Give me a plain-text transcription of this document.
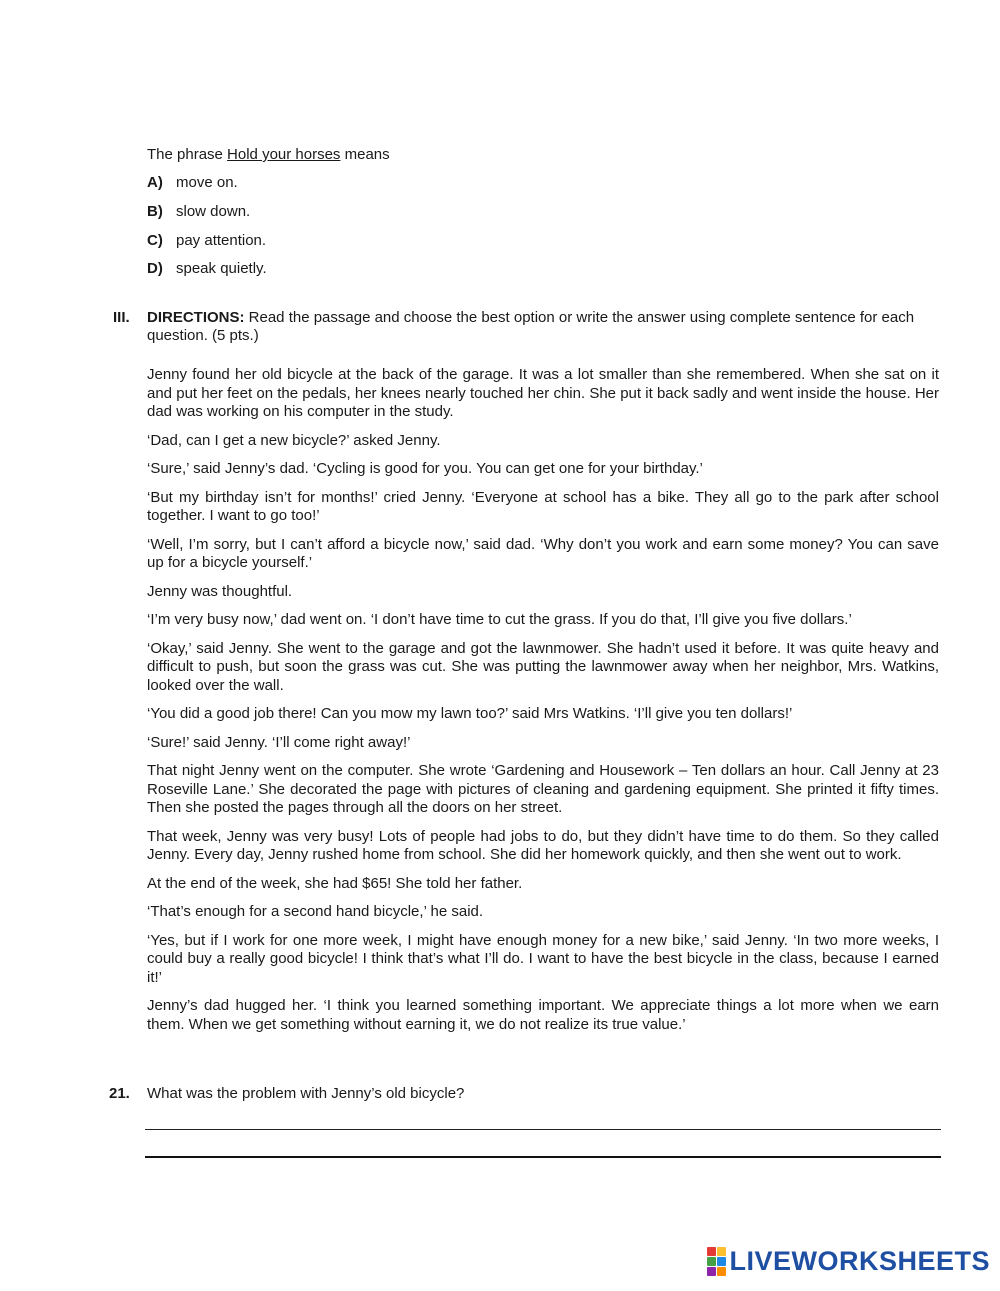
The phrase Hold your horses means
A) move on.
B) slow down.
C) pay attention.
D) speak quietly.
III. DIRECTIONS: Read the passage and choose the best option or write the answer using complete sentence for each question. (5 pts.)

Jenny found her old bicycle at the back of the garage. It was a lot smaller than she remembered. When she sat on it and put her feet on the pedals, her knees nearly touched her chin. She put it back sadly and went inside the house. Her dad was working on his computer in the study.

‘Dad, can I get a new bicycle?’ asked Jenny.

‘Sure,’ said Jenny’s dad. ‘Cycling is good for you. You can get one for your birthday.’

‘But my birthday isn’t for months!’ cried Jenny. ‘Everyone at school has a bike. They all go to the park after school together. I want to go too!’

‘Well, I’m sorry, but I can’t afford a bicycle now,’ said dad. ‘Why don’t you work and earn some money? You can save up for a bicycle yourself.’

Jenny was thoughtful.

‘I’m very busy now,’ dad went on. ‘I don’t have time to cut the grass. If you do that, I’ll give you five dollars.’

‘Okay,’ said Jenny. She went to the garage and got the lawnmower. She hadn’t used it before. It was quite heavy and difficult to push, but soon the grass was cut. She was putting the lawnmower away when her neighbor, Mrs. Watkins, looked over the wall.

‘You did a good job there! Can you mow my lawn too?’ said Mrs Watkins. ‘I’ll give you ten dollars!’

‘Sure!’ said Jenny. ‘I’ll come right away!’

That night Jenny went on the computer. She wrote ‘Gardening and Housework – Ten dollars an hour. Call Jenny at 23 Roseville Lane.’ She decorated the page with pictures of cleaning and gardening equipment. She printed it fifty times. Then she posted the pages through all the doors on her street.

That week, Jenny was very busy! Lots of people had jobs to do, but they didn’t have time to do them. So they called Jenny. Every day, Jenny rushed home from school. She did her homework quickly, and then she went out to work.

At the end of the week, she had $65! She told her father.

‘That’s enough for a second hand bicycle,’ he said.

‘Yes, but if I work for one more week, I might have enough money for a new bike,’ said Jenny. ‘In two more weeks, I could buy a really good bicycle! I think that’s what I’ll do. I want to have the best bicycle in the class, because I earned it!’

Jenny’s dad hugged her. ‘I think you learned something important. We appreciate things a lot more when we earn them. When we get something without earning it, we do not realize its true value.’

21. What was the problem with Jenny’s old bicycle?
LIVEWORKSHEETS
